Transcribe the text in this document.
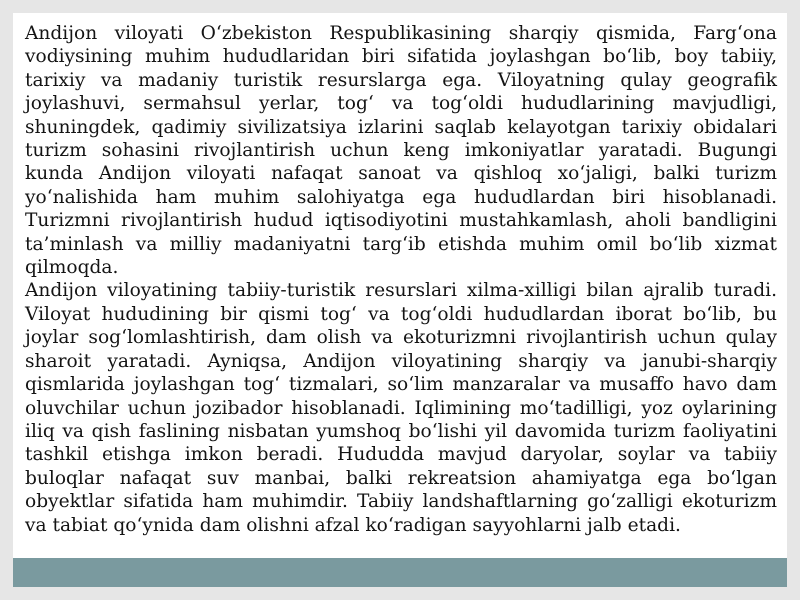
Andijon viloyati O‘zbekiston Respublikasining sharqiy qismida, Farg‘ona vodiysining muhim hududlaridan biri sifatida joylashgan bo‘lib, boy tabiiy, tarixiy va madaniy turistik resurslarga ega. Viloyatning qulay geografik joylashuvi, sermahsul yerlar, tog‘ va tog‘oldi hududlarining mavjudligi, shuningdek, qadimiy sivilizatsiya izlarini saqlab kelayotgan tarixiy obidalari turizm sohasini rivojlantirish uchun keng imkoniyatlar yaratadi. Bugungi kunda Andijon viloyati nafaqat sanoat va qishloq xo‘jaligi, balki turizm yo‘nalishida ham muhim salohiyatga ega hududlardan biri hisoblanadi. Turizmni rivojlantirish hudud iqtisodiyotini mustahkamlash, aholi bandligini ta’minlash va milliy madaniyatni targ‘ib etishda muhim omil bo‘lib xizmat qilmoqda.

Andijon viloyatining tabiiy-turistik resurslari xilma-xilligi bilan ajralib turadi. Viloyat hududining bir qismi tog‘ va tog‘oldi hududlardan iborat bo‘lib, bu joylar sog‘lomlashtirish, dam olish va ekoturizmni rivojlantirish uchun qulay sharoit yaratadi. Ayniqsa, Andijon viloyatining sharqiy va janubi-sharqiy qismlarida joylashgan tog‘ tizmalari, so‘lim manzaralar va musaffo havo dam oluvchilar uchun jozibador hisoblanadi. Iqlimining mo‘tadilligi, yoz oylarining iliq va qish faslining nisbatan yumshoq bo‘lishi yil davomida turizm faoliyatini tashkil etishga imkon beradi. Hududda mavjud daryolar, soylar va tabiiy buloqlar nafaqat suv manbai, balki rekreatsion ahamiyatga ega bo‘lgan obyektlar sifatida ham muhimdir. Tabiiy landshaftlarning go‘zalligi ekoturizm va tabiat qo‘ynida dam olishni afzal ko‘radigan sayyohlarni jalb etadi.
